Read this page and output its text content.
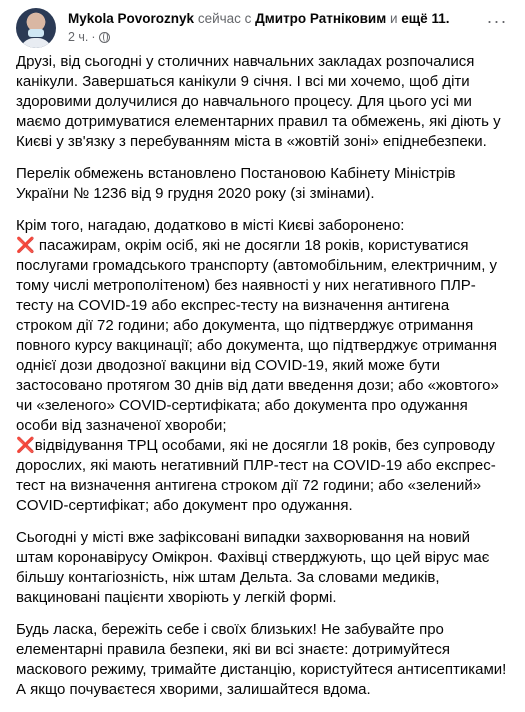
Mykola Povoroznyk сейчас с Дмитро Ратніковим и ещё 11.
2 ч. ·
···

Друзі, від сьогодні у столичних навчальних закладах розпочалися канікули. Завершаться канікули 9 січня. І всі ми хочемо, щоб діти здоровими долучилися до навчального процесу. Для цього усі ми маємо дотримуватися елементарних правил та обмежень, які діють у Києві у зв'язку з перебуванням міста в «жовтій зоні» епіднебезпеки.

Перелік обмежень встановлено Постановою Кабінету Міністрів України № 1236 від 9 грудня 2020 року (зі змінами).

Крім того, нагадаю, додатково в місті Києві заборонено:
❌ пасажирам, окрім осіб, які не досягли 18 років, користуватися послугами громадського транспорту (автомобільним, електричним, у тому числі метрополітеном) без наявності у них негативного ПЛР-тесту на COVID-19 або експрес-тесту на визначення антигена строком дії 72 години; або документа, що підтверджує отримання повного курсу вакцинації; або документа, що підтверджує отримання однієї дози дводозної вакцини від COVID-19, який може бути застосовано протягом 30 днів від дати введення дози; або «жовтого» чи «зеленого» COVID-сертифіката; або документа про одужання особи від зазначеної хвороби;
❌відвідування ТРЦ особами, які не досягли 18 років, без супроводу дорослих, які мають негативний ПЛР-тест на COVID-19 або експрес-тест на визначення антигена строком дії 72 години; або «зелений» COVID-сертифікат; або документ про одужання.

Сьогодні у місті вже зафіксовані випадки захворювання на новий штам коронавірусу Омікрон. Фахівці стверджують, що цей вірус має більшу контагіозність, ніж штам Дельта. За словами медиків, вакциновані пацієнти хворіють у легкій формі.

Будь ласка, бережіть себе і своїх близьких! Не забувайте про елементарні правила безпеки, які ви всі знаєте: дотримуйтеся маскового режиму, тримайте дистанцію, користуйтеся антисептиками! А якщо почуваєтеся хворими, залишайтеся вдома.
